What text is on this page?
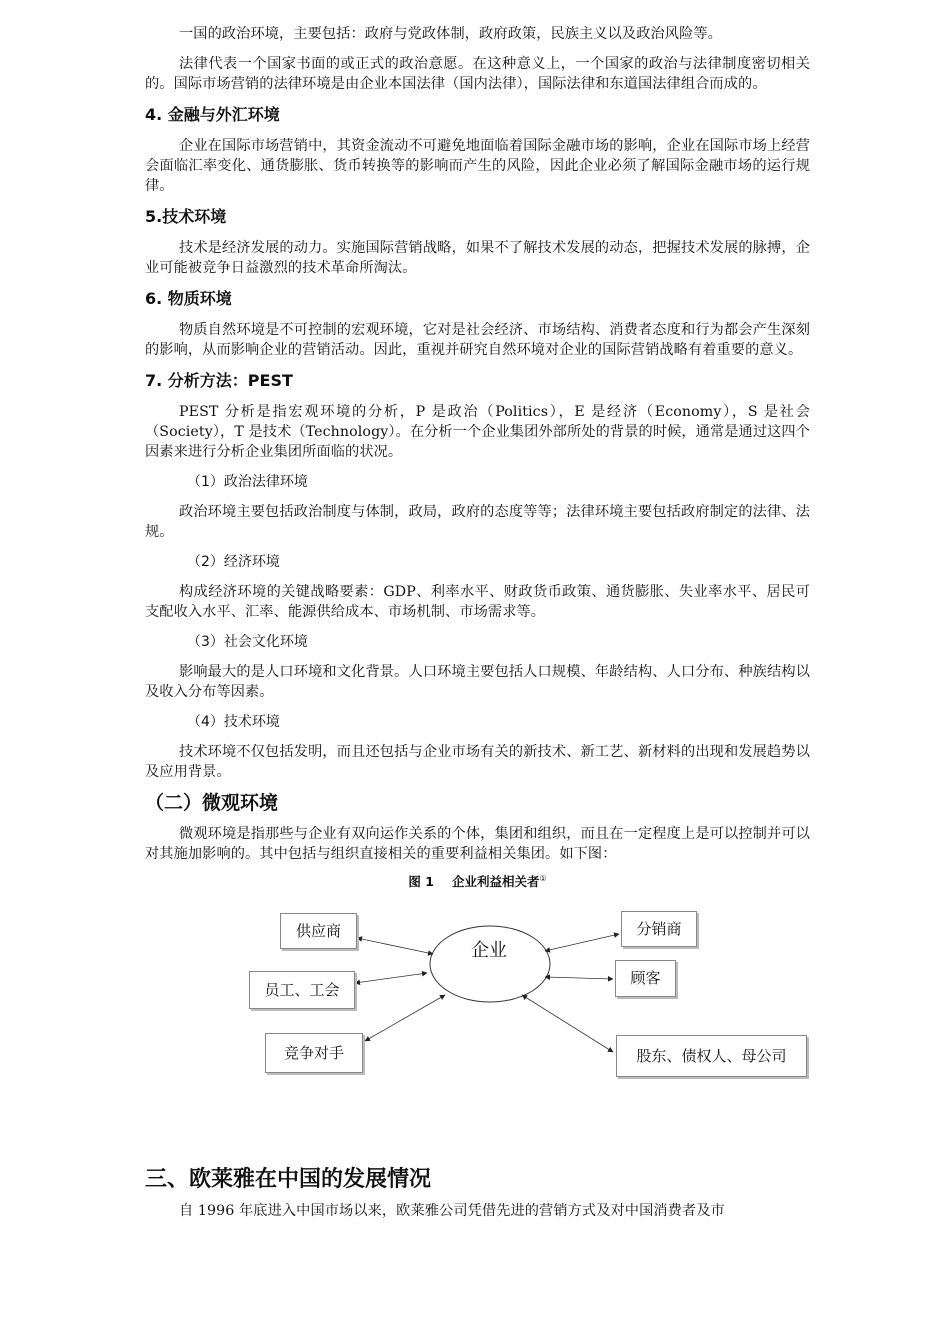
一国的政治环境，主要包括：政府与党政体制，政府政策，民族主义以及政治风险等。

法律代表一个国家书面的或正式的政治意愿。在这种意义上，一个国家的政治与法律制度密切相关的。国际市场营销的法律环境是由企业本国法律（国内法律），国际法律和东道国法律组合而成的。

4. 金融与外汇环境

企业在国际市场营销中，其资金流动不可避免地面临着国际金融市场的影响，企业在国际市场上经营会面临汇率变化、通货膨胀、货币转换等的影响而产生的风险，因此企业必须了解国际金融市场的运行规律。

5.技术环境

技术是经济发展的动力。实施国际营销战略，如果不了解技术发展的动态，把握技术发展的脉搏，企业可能被竞争日益激烈的技术革命所淘汰。

6. 物质环境

物质自然环境是不可控制的宏观环境，它对是社会经济、市场结构、消费者态度和行为都会产生深刻的影响，从而影响企业的营销活动。因此，重视并研究自然环境对企业的国际营销战略有着重要的意义。

7. 分析方法：PEST

PEST 分析是指宏观环境的分析，P 是政治（Politics），E 是经济（Economy），S 是社会（Society），T 是技术（Technology）。在分析一个企业集团外部所处的背景的时候，通常是通过这四个因素来进行分析企业集团所面临的状况。

（1）政治法律环境

政治环境主要包括政治制度与体制，政局，政府的态度等等；法律环境主要包括政府制定的法律、法规。

（2）经济环境

构成经济环境的关键战略要素：GDP、利率水平、财政货币政策、通货膨胀、失业率水平、居民可支配收入水平、汇率、能源供给成本、市场机制、市场需求等。

（3）社会文化环境

影响最大的是人口环境和文化背景。人口环境主要包括人口规模、年龄结构、人口分布、种族结构以及收入分布等因素。

（4）技术环境

技术环境不仅包括发明，而且还包括与企业市场有关的新技术、新工艺、新材料的出现和发展趋势以及应用背景。

（二）微观环境

微观环境是指那些与企业有双向运作关系的个体，集团和组织，而且在一定程度上是可以控制并可以对其施加影响的。其中包括与组织直接相关的重要利益相关集团。如下图：

图 1 企业利益相关者①
企业
供应商	分销商
员工、工会
顾客
竞争对手	股东、债权人、母公司
三、欧莱雅在中国的发展情况

自 1996 年底进入中国市场以来，欧莱雅公司凭借先进的营销方式及对中国消费者及市
